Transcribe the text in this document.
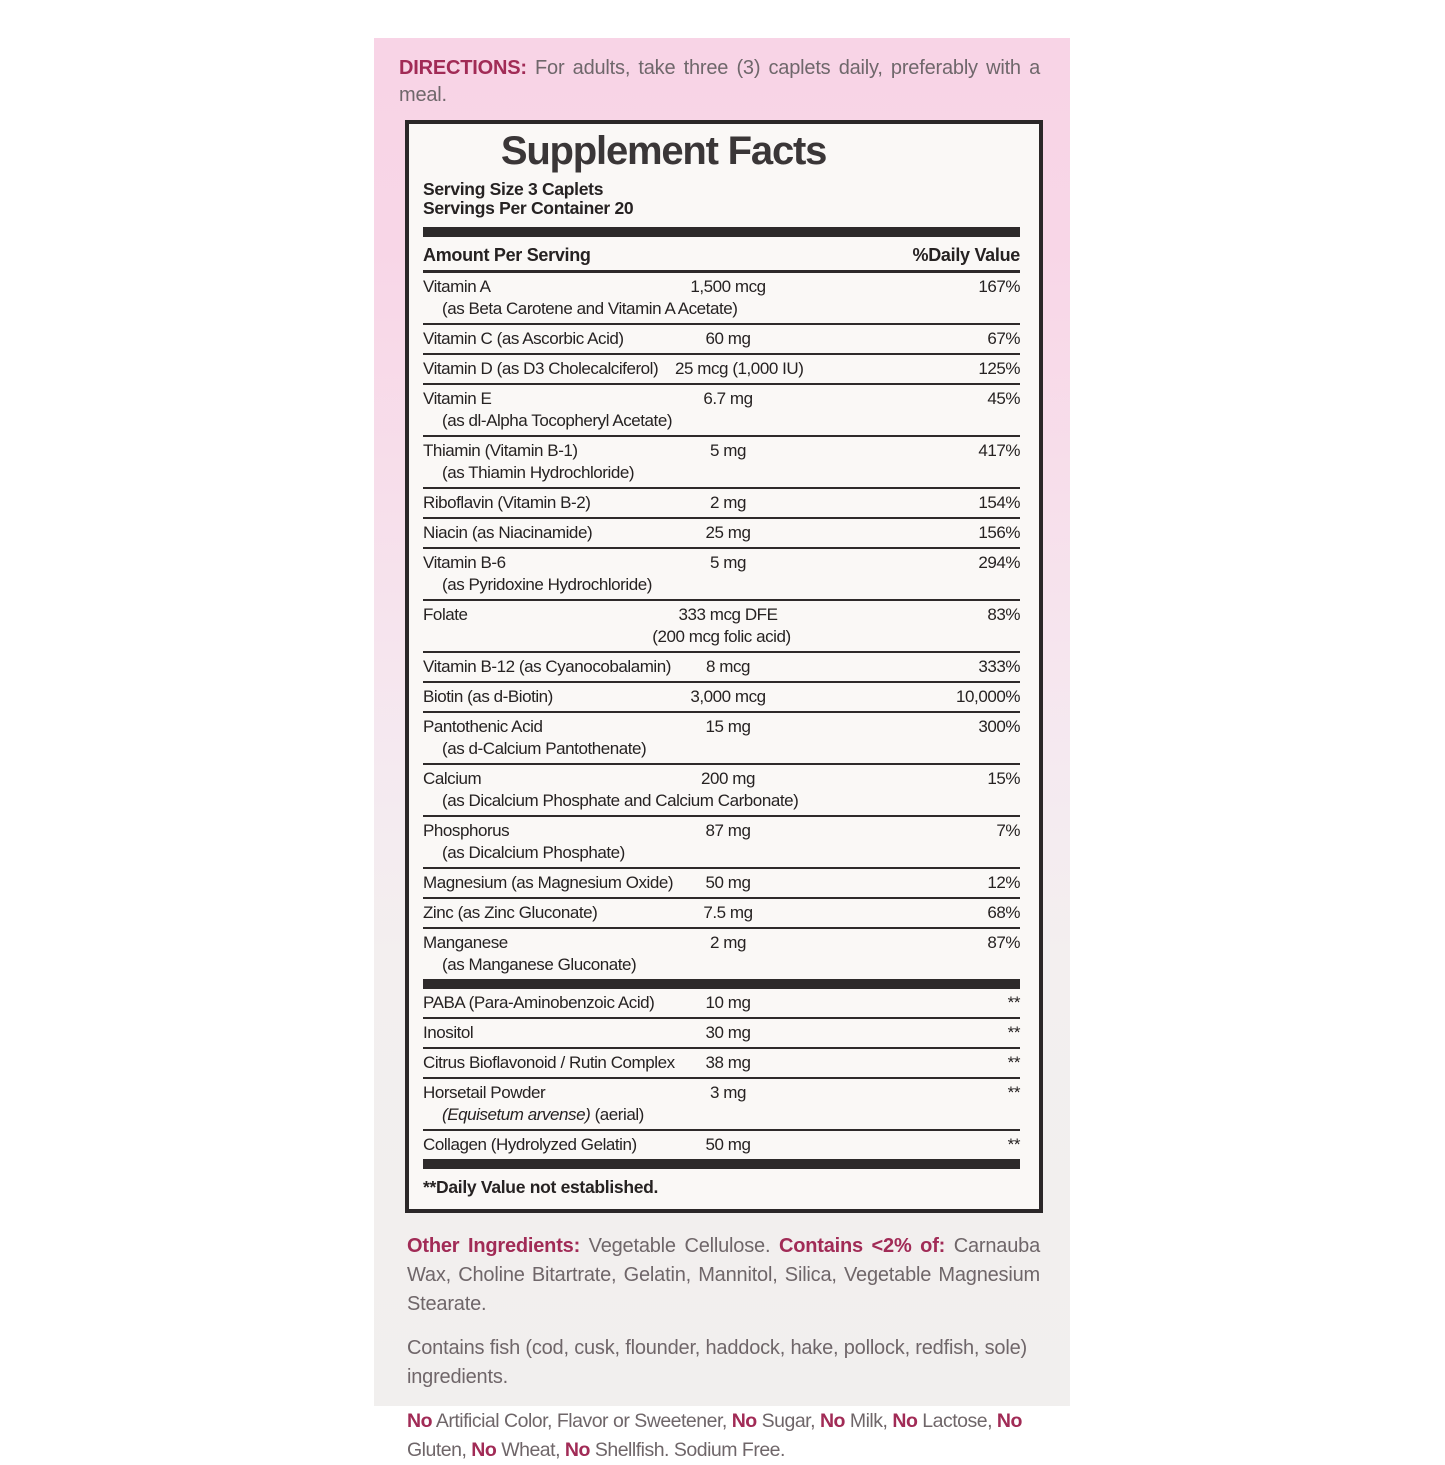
DIRECTIONS: For adults, take three (3) caplets daily, preferably with a meal.
Supplement Facts
Serving Size 3 Caplets
Servings Per Container 20
Amount Per Serving	%Daily Value
Vitamin A	1,500 mcg	167%
(as Beta Carotene and Vitamin A Acetate)
Vitamin C (as Ascorbic Acid)	60 mg	67%
Vitamin D (as D3 Cholecalciferol) 25 mcg (1,000 IU)	125%
Vitamin E	6.7 mg	45%
(as dl-Alpha Tocopheryl Acetate)
Thiamin (Vitamin B-1)	5 mg	417%
(as Thiamin Hydrochloride)
Riboflavin (Vitamin B-2)	2 mg	154%
Niacin (as Niacinamide)	25 mg	156%
Vitamin B-6	5 mg	294%
(as Pyridoxine Hydrochloride)
Folate	333 mcg DFE	83%
(200 mcg folic acid)
Vitamin B-12 (as Cyanocobalamin)	8 mcg	333%
Biotin (as d-Biotin)	3,000 mcg	10,000%
Pantothenic Acid	15 mg	300%
(as d-Calcium Pantothenate)
Calcium	200 mg	15%
(as Dicalcium Phosphate and Calcium Carbonate)
Phosphorus	87 mg	7%
(as Dicalcium Phosphate)
Magnesium (as Magnesium Oxide)	50 mg	12%
Zinc (as Zinc Gluconate)	7.5 mg	68%
Manganese	2 mg	87%
(as Manganese Gluconate)
PABA (Para-Aminobenzoic Acid)	10 mg	**
Inositol	30 mg	**
Citrus Bioflavonoid / Rutin Complex	38 mg	**
Horsetail Powder	3 mg	**
(Equisetum arvense) (aerial)
Collagen (Hydrolyzed Gelatin)	50 mg	**
**Daily Value not established.
Other Ingredients: Vegetable Cellulose. Contains <2% of: Carnauba Wax, Choline Bitartrate, Gelatin, Mannitol, Silica, Vegetable Magnesium Stearate.
Contains fish (cod, cusk, flounder, haddock, hake, pollock, redfish, sole) ingredients.
No Artificial Color, Flavor or Sweetener, No Sugar, No Milk, No Lactose, No Gluten, No Wheat, No Shellfish. Sodium Free.
